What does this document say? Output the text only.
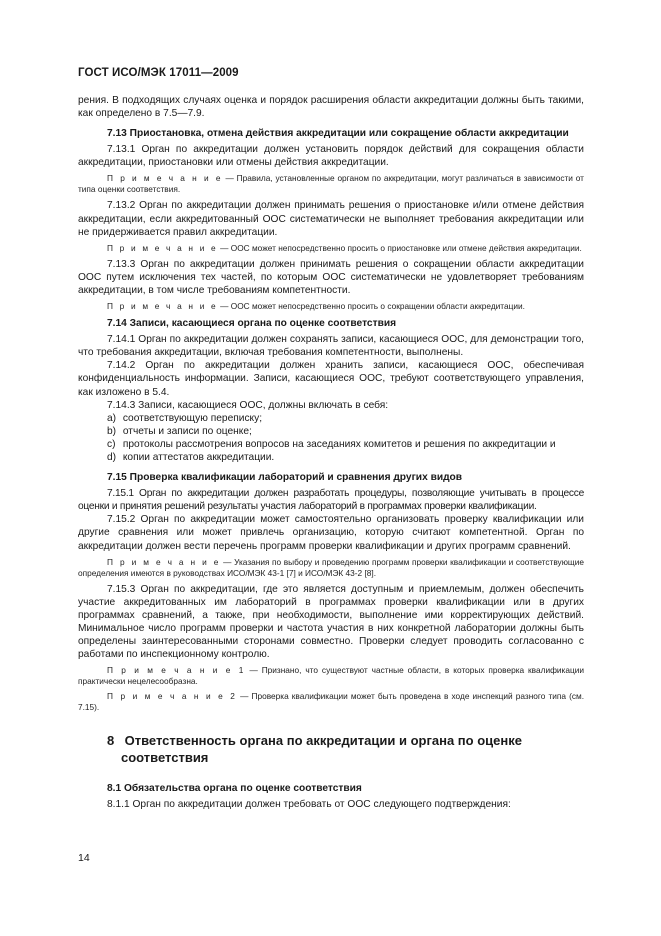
ГОСТ ИСО/МЭК 17011—2009

рения. В подходящих случаях оценка и порядок расширения области аккредитации должны быть такими, как определено в 7.5—7.9.

7.13 Приостановка, отмена действия аккредитации или сокращение области аккредитации

7.13.1 Орган по аккредитации должен установить порядок действий для сокращения области аккредитации, приостановки или отмены действия аккредитации.

П р и м е ч а н и е — Правила, установленные органом по аккредитации, могут различаться в зависимости от типа оценки соответствия.

7.13.2 Орган по аккредитации должен принимать решения о приостановке и/или отмене действия аккредитации, если аккредитованный ООС систематически не выполняет требования аккредитации или не придерживается правил аккредитации.

П р и м е ч а н и е — ООС может непосредственно просить о приостановке или отмене действия аккредитации.

7.13.3 Орган по аккредитации должен принимать решения о сокращении области аккредитации ООС путем исключения тех частей, по которым ООС систематически не удовлетворяет требованиям аккредитации, в том числе требованиям компетентности.

П р и м е ч а н и е — ООС может непосредственно просить о сокращении области аккредитации.

7.14 Записи, касающиеся органа по оценке соответствия

7.14.1 Орган по аккредитации должен сохранять записи, касающиеся ООС, для демонстрации того, что требования аккредитации, включая требования компетентности, выполнены.

7.14.2 Орган по аккредитации должен хранить записи, касающиеся ООС, обеспечивая конфиденциальность информации. Записи, касающиеся ООС, требуют соответствующего управления, как изложено в 5.4.

7.14.3 Записи, касающиеся ООС, должны включать в себя:

a) соответствующую переписку;
b) отчеты и записи по оценке;
c) протоколы рассмотрения вопросов на заседаниях комитетов и решения по аккредитации и
d) копии аттестатов аккредитации.
7.15 Проверка квалификации лабораторий и сравнения других видов

7.15.1 Орган по аккредитации должен разработать процедуры, позволяющие учитывать в процессе оценки и принятия решений результаты участия лабораторий в программах проверки квалификации.

7.15.2 Орган по аккредитации может самостоятельно организовать проверку квалификации или другие сравнения или может привлечь организацию, которую считают компетентной. Орган по аккредитации должен вести перечень программ проверки квалификации и других программ сравнений.

П р и м е ч а н и е — Указания по выбору и проведению программ проверки квалификации и соответствующие определения имеются в руководствах ИСО/МЭК 43-1 [7] и ИСО/МЭК 43-2 [8].

7.15.3 Орган по аккредитации, где это является доступным и приемлемым, должен обеспечить участие аккредитованных им лабораторий в программах проверки квалификации или в других программах сравнений, а также, при необходимости, выполнение ими корректирующих действий. Минимальное число программ проверки и частота участия в них конкретной лаборатории должны быть определены заинтересованными сторонами совместно. Проверки следует проводить согласованно с работами по инспекционному контролю.

П р и м е ч а н и е 1 — Признано, что существуют частные области, в которых проверка квалификации практически нецелесообразна.

П р и м е ч а н и е 2 — Проверка квалификации может быть проведена в ходе инспекций разного типа (см. 7.15).

8 Ответственность органа по аккредитации и органа по оценке
соответствия
8.1 Обязательства органа по оценке соответствия

8.1.1 Орган по аккредитации должен требовать от ООС следующего подтверждения:

14
